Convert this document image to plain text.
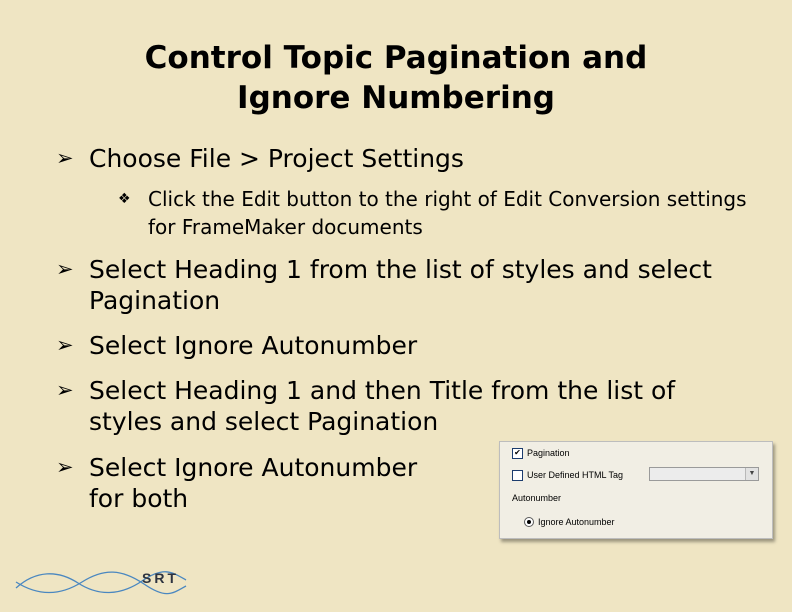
Control Topic Pagination and
Ignore Numbering
➢ Choose File > Project Settings
❖ Click the Edit button to the right of Edit Conversion settings for FrameMaker documents
➢ Select Heading 1 from the list of styles and select Pagination
➢ Select Ignore Autonumber
➢ Select Heading 1 and then Title from the list of styles and select Pagination
➢ Select Ignore Autonumber
for both
✔ Pagination
User Defined HTML Tag	▼
Autonumber
Ignore Autonumber
SRT
